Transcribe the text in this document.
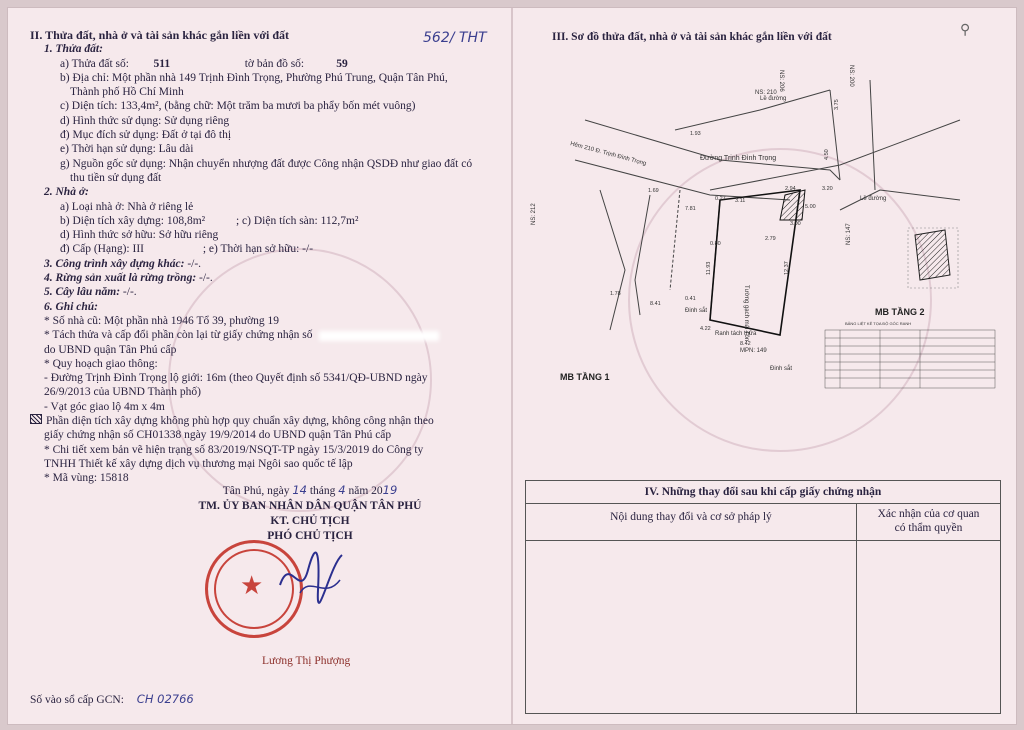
562/ THT	⚲
II. Thửa đất, nhà ở và tài sản khác gắn liền với đất
1. Thửa đất:
a) Thửa đất số: 511	tờ bản đồ số:	59
b) Địa chỉ: Một phần nhà 149 Trịnh Đình Trọng, Phường Phú Trung, Quận Tân Phú,
Thành phố Hồ Chí Minh
c) Diện tích: 133,4m², (bằng chữ: Một trăm ba mươi ba phẩy bốn mét vuông)
d) Hình thức sử dụng: Sử dụng riêng
đ) Mục đích sử dụng: Đất ở tại đô thị
e) Thời hạn sử dụng: Lâu dài
g) Nguồn gốc sử dụng: Nhận chuyển nhượng đất được Công nhận QSDĐ như giao đất có
thu tiền sử dụng đất
2. Nhà ở:
a) Loại nhà ở: Nhà ở riêng lẻ
b) Diện tích xây dựng: 108,8m²	; c) Diện tích sàn: 112,7m²
d) Hình thức sở hữu: Sở hữu riêng
đ) Cấp (Hạng): III	; e) Thời hạn sở hữu: -/-
3. Công trình xây dựng khác: -/-.
4. Rừng sản xuất là rừng trồng: -/-.
5. Cây lâu năm: -/-.
6. Ghi chú:
* Số nhà cũ: Một phần nhà 1946 Tổ 39, phường 19
* Tách thửa và cấp đổi phần còn lại từ giấy chứng nhận số
do UBND quận Tân Phú cấp
* Quy hoạch giao thông:
- Đường Trịnh Đình Trọng lộ giới: 16m (theo Quyết định số 5341/QĐ-UBND ngày
26/9/2013 của UBND Thành phố)
- Vạt góc giao lộ 4m x 4m
Phần diện tích xây dựng không phù hợp quy chuẩn xây dựng, không công nhận theo
giấy chứng nhận số CH01338 ngày 19/9/2014 do UBND quận Tân Phú cấp
* Chi tiết xem bản vẽ hiện trạng số 83/2019/NSQT-TP ngày 15/3/2019 do Công ty
TNHH Thiết kế xây dựng dịch vụ thương mại Ngôi sao quốc tế lập
* Mã vùng: 15818
Tân Phú, ngày 14 tháng 4 năm 2019
TM. ỦY BAN NHÂN DÂN QUẬN TÂN PHÚ
KT. CHỦ TỊCH
PHÓ CHỦ TỊCH
★
Lương Thị Phượng
Số vào sổ cấp GCN: CH 02766
III. Sơ đồ thửa đất, nhà ở và tài sản khác gắn liền với đất
Hẻm 210 Đ. Trịnh Đình Trọng	Đường Trịnh Đình Trọng
Lề đường
Lề đường
NS: 210
NS: 212
NS: 147
NS: 206	NS: 200
Tường gạch mái Tôn
Ranh tách thửa
Đinh sắt
Đinh sắt
MPN: 149
MB TẦNG 1
MB TẦNG 2
2.94	3.20
3.11
5.00
7.81
11.93
8.42
4.22
3.00
2.79
12.37
0.41
8.41
1.78
1.69
0.80
4.50
3.75
1.93
0.27
BẢNG LIỆT KÊ TỌA ĐỘ GÓC RANH
IV. Những thay đổi sau khi cấp giấy chứng nhận
Nội dung thay đổi và cơ sở pháp lý	Xác nhận của cơ quan
có thẩm quyền
